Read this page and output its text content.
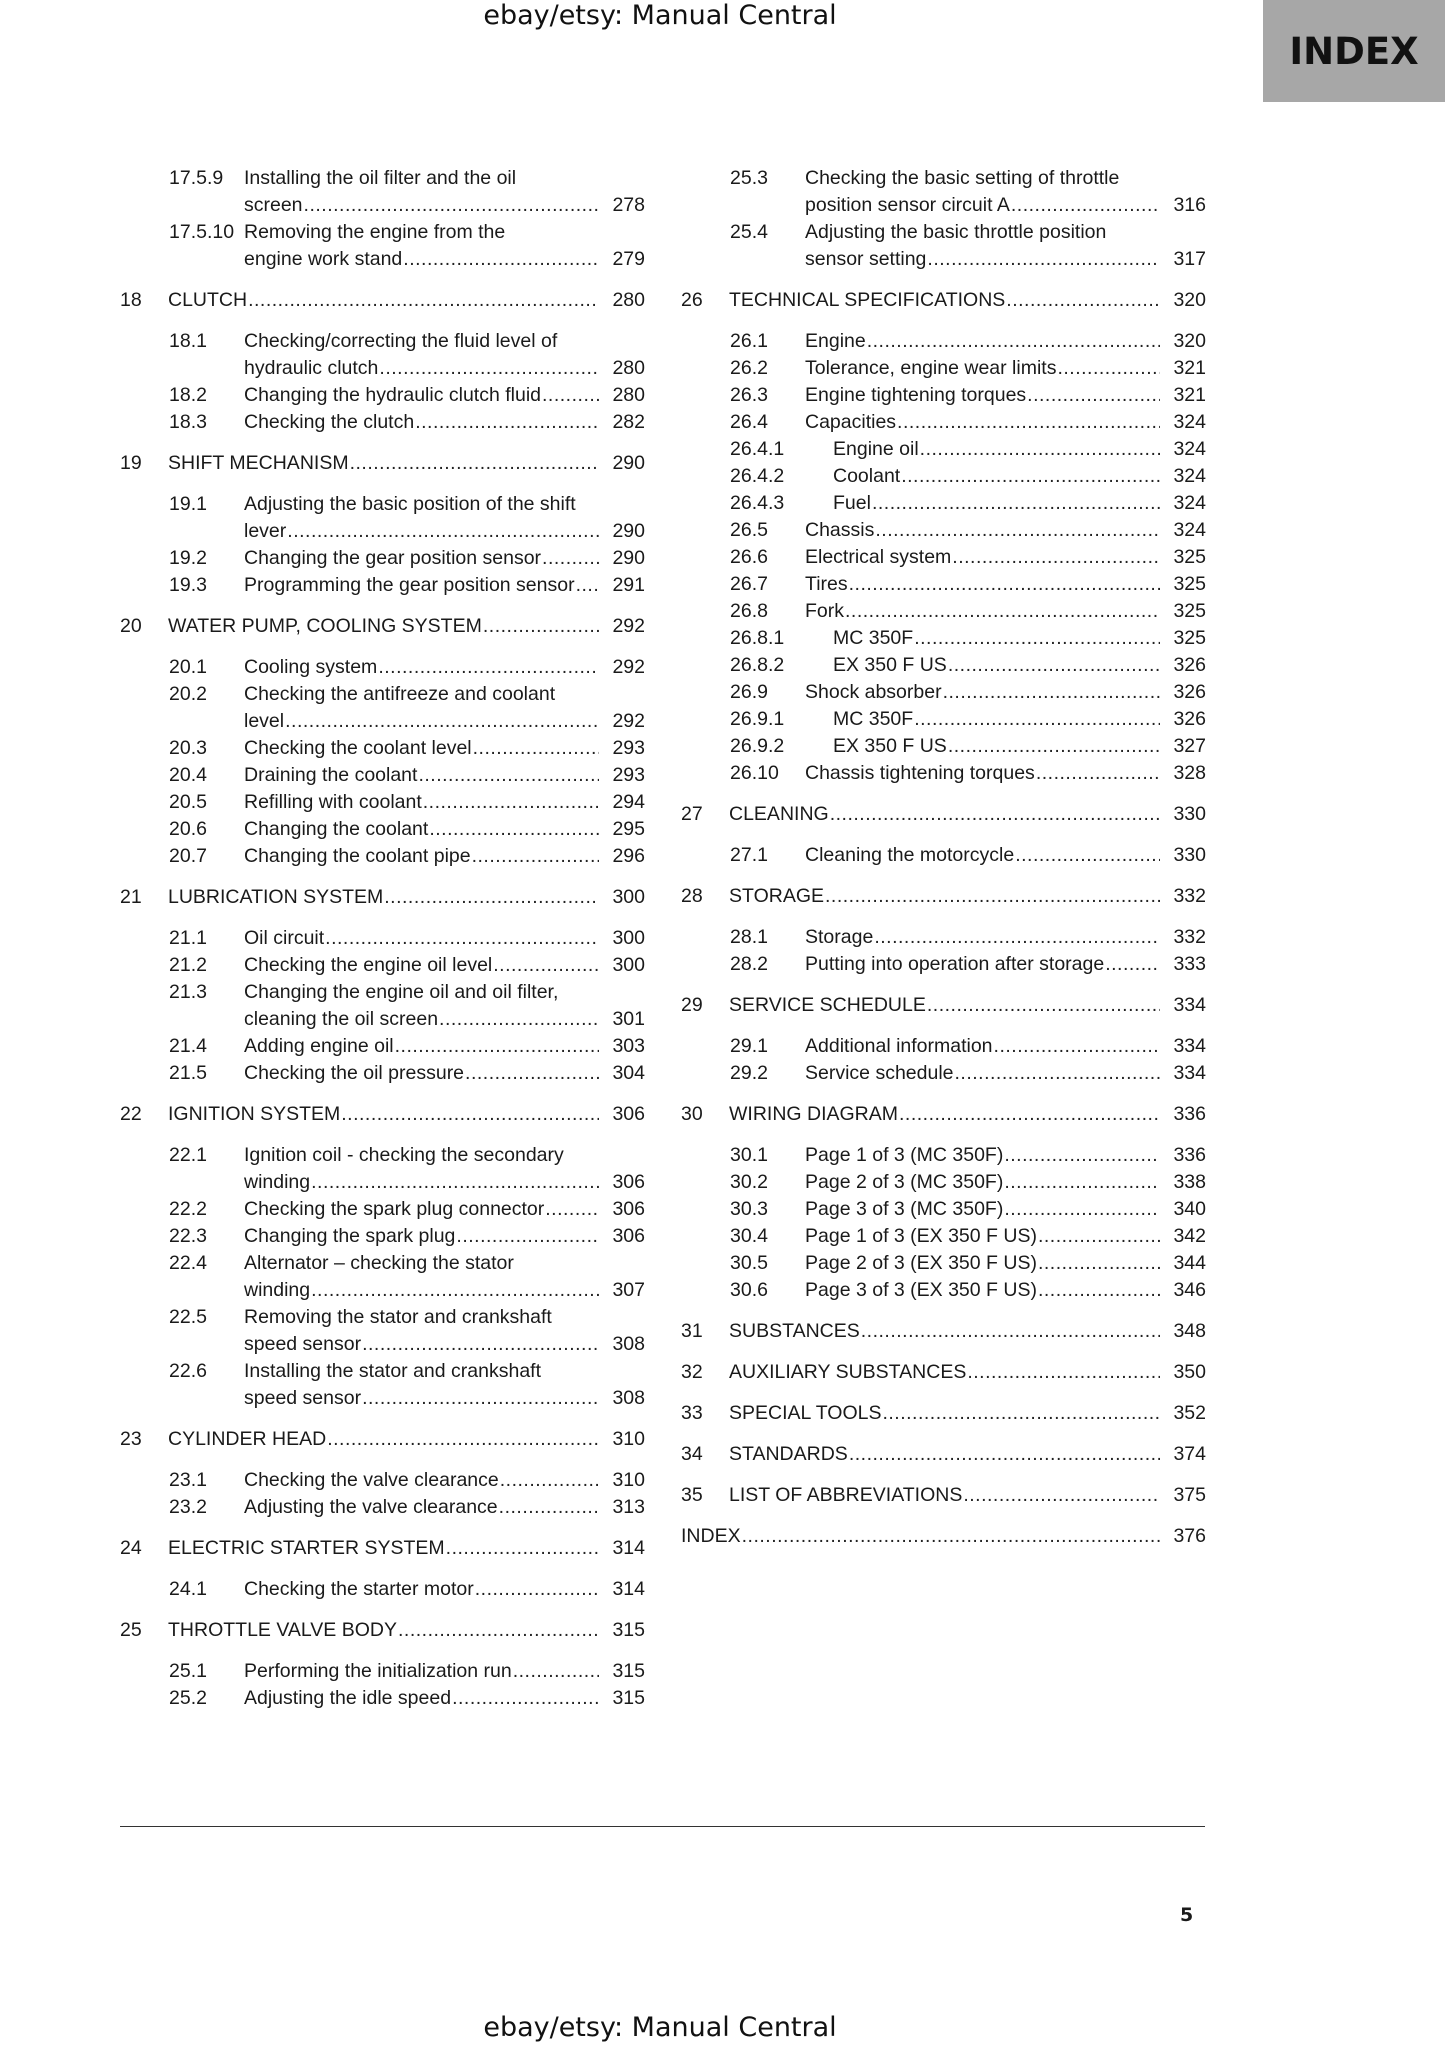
ebay/etsy: Manual Central
INDEX
17.5.9 Installing the oil filter and the oil
screen .....	278
17.5.10 Removing the engine from the
engine work stand .....	279
18 CLUTCH .....	280
18.1 Checking/correcting the fluid level of
hydraulic clutch .....	280
18.2 Changing the hydraulic clutch fluid .....	280
18.3 Checking the clutch .....	282
19 SHIFT MECHANISM .....	290
19.1 Adjusting the basic position of the shift
lever .....	290
19.2 Changing the gear position sensor .....	290
19.3 Programming the gear position sensor .....	291
20 WATER PUMP, COOLING SYSTEM .....	292
20.1 Cooling system .....	292
20.2 Checking the antifreeze and coolant
level .....	292
20.3 Checking the coolant level .....	293
20.4 Draining the coolant .....	293
20.5 Refilling with coolant .....	294
20.6 Changing the coolant .....	295
20.7 Changing the coolant pipe .....	296
21 LUBRICATION SYSTEM .....	300
21.1 Oil circuit .....	300
21.2 Checking the engine oil level .....	300
21.3 Changing the engine oil and oil filter,
cleaning the oil screen .....	301
21.4 Adding engine oil .....	303
21.5 Checking the oil pressure .....	304
22 IGNITION SYSTEM .....	306
22.1 Ignition coil - checking the secondary
winding .....	306
22.2 Checking the spark plug connector .....	306
22.3 Changing the spark plug .....	306
22.4 Alternator – checking the stator
winding .....	307
22.5 Removing the stator and crankshaft
speed sensor .....	308
22.6 Installing the stator and crankshaft
speed sensor .....	308
23 CYLINDER HEAD .....	310
23.1 Checking the valve clearance .....	310
23.2 Adjusting the valve clearance .....	313
24 ELECTRIC STARTER SYSTEM .....	314
24.1 Checking the starter motor .....	314
25 THROTTLE VALVE BODY .....	315
25.1 Performing the initialization run .....	315
25.2 Adjusting the idle speed .....	315
25.3 Checking the basic setting of throttle
position sensor circuit A .....	316
25.4 Adjusting the basic throttle position
sensor setting .....	317
26 TECHNICAL SPECIFICATIONS .....	320
26.1 Engine .....	320
26.2 Tolerance, engine wear limits .....	321
26.3 Engine tightening torques .....	321
26.4 Capacities .....	324
26.4.1	Engine oil .....	324
26.4.2	Coolant .....	324
26.4.3	Fuel .....	324
26.5 Chassis .....	324
26.6 Electrical system .....	325
26.7 Tires .....	325
26.8 Fork .....	325
26.8.1	MC 350F .....	325
26.8.2	EX 350 F US .....	326
26.9 Shock absorber .....	326
26.9.1	MC 350F .....	326
26.9.2	EX 350 F US .....	327
26.10 Chassis tightening torques .....	328
27 CLEANING .....	330
27.1 Cleaning the motorcycle .....	330
28 STORAGE .....	332
28.1 Storage .....	332
28.2 Putting into operation after storage .....	333
29 SERVICE SCHEDULE .....	334
29.1 Additional information .....	334
29.2 Service schedule .....	334
30 WIRING DIAGRAM .....	336
30.1 Page 1 of 3 (MC 350F) .....	336
30.2 Page 2 of 3 (MC 350F) .....	338
30.3 Page 3 of 3 (MC 350F) .....	340
30.4 Page 1 of 3 (EX 350 F US) .....	342
30.5 Page 2 of 3 (EX 350 F US) .....	344
30.6 Page 3 of 3 (EX 350 F US) .....	346
31 SUBSTANCES .....	348
32 AUXILIARY SUBSTANCES .....	350
33 SPECIAL TOOLS .....	352
34 STANDARDS .....	374
35 LIST OF ABBREVIATIONS .....	375
INDEX .....	376
5
ebay/etsy: Manual Central
